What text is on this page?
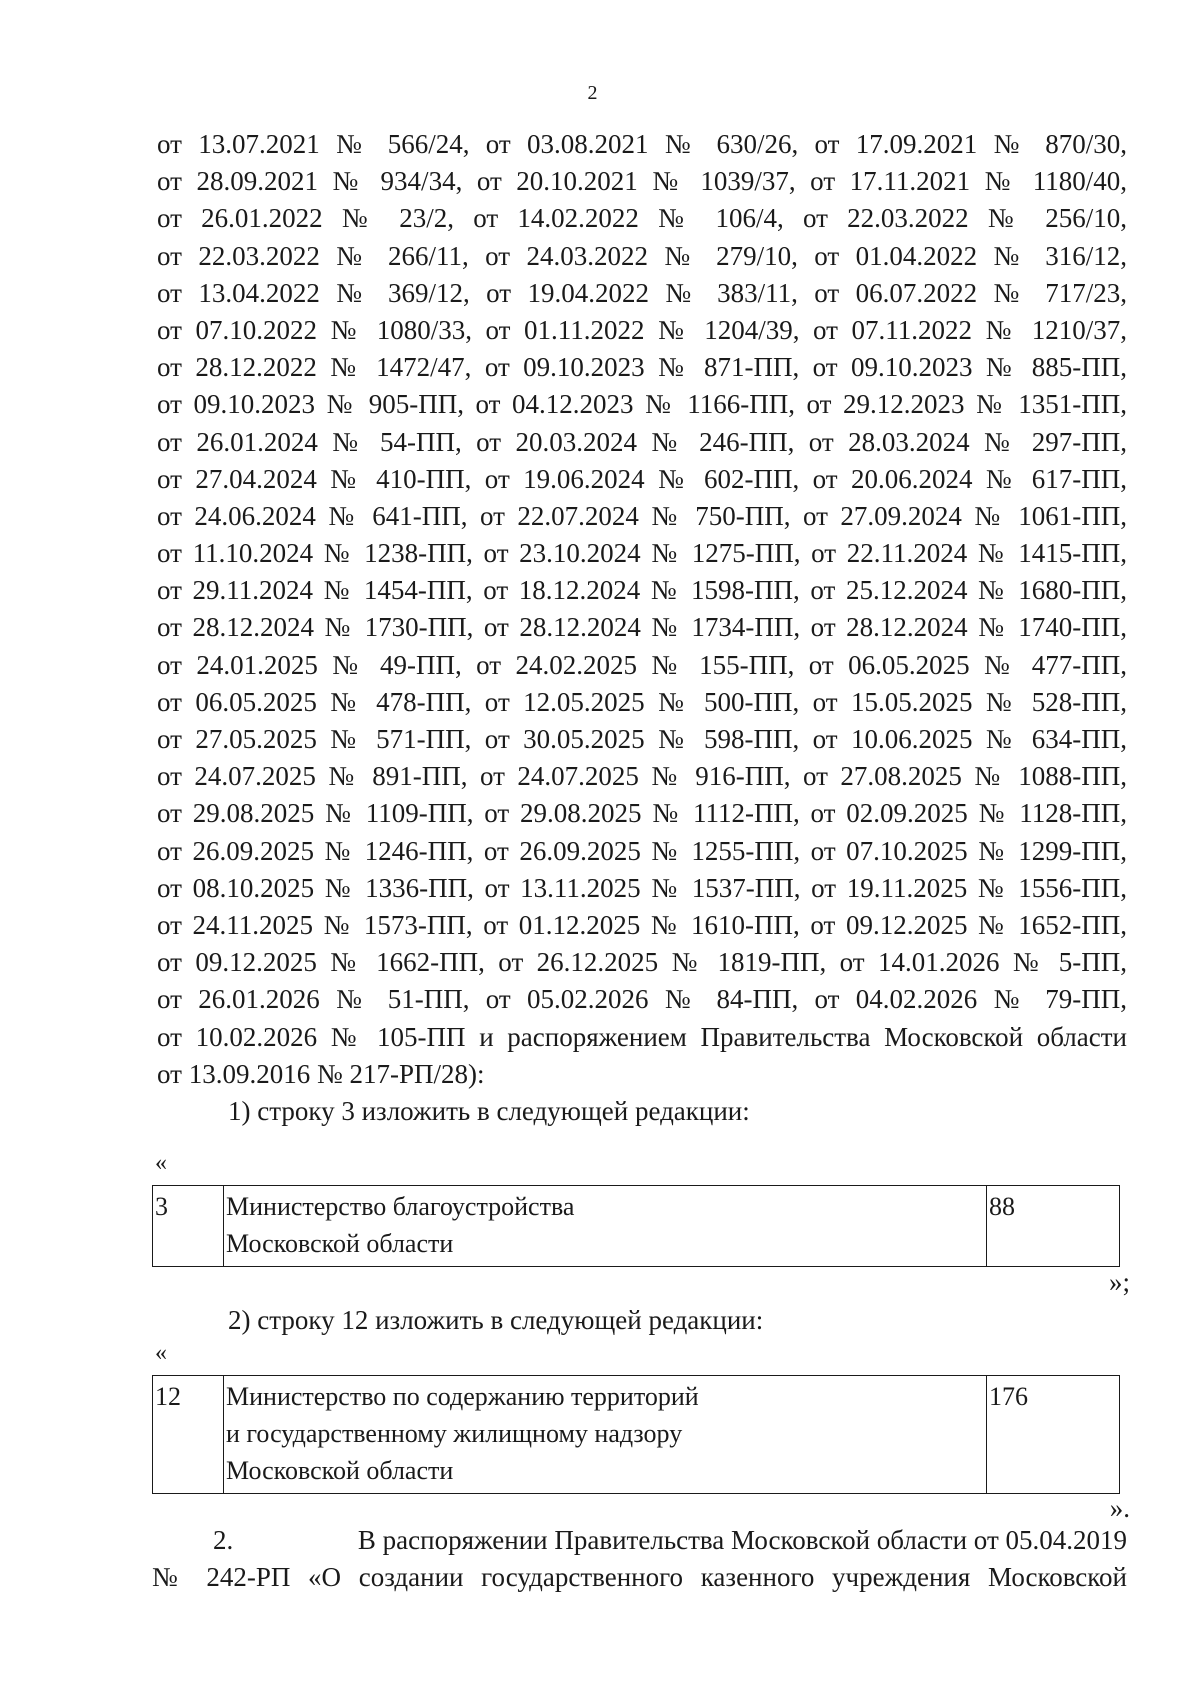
2
от 13.07.2021 № 566/24, от 03.08.2021 № 630/26, от 17.09.2021 № 870/30,
от 28.09.2021 № 934/34, от 20.10.2021 № 1039/37, от 17.11.2021 № 1180/40,
от 26.01.2022 № 23/2, от 14.02.2022 № 106/4, от 22.03.2022 № 256/10,
от 22.03.2022 № 266/11, от 24.03.2022 № 279/10, от 01.04.2022 № 316/12,
от 13.04.2022 № 369/12, от 19.04.2022 № 383/11, от 06.07.2022 № 717/23,
от 07.10.2022 № 1080/33, от 01.11.2022 № 1204/39, от 07.11.2022 № 1210/37,
от 28.12.2022 № 1472/47, от 09.10.2023 № 871-ПП, от 09.10.2023 № 885-ПП,
от 09.10.2023 № 905-ПП, от 04.12.2023 № 1166-ПП, от 29.12.2023 № 1351-ПП,
от 26.01.2024 № 54-ПП, от 20.03.2024 № 246-ПП, от 28.03.2024 № 297-ПП,
от 27.04.2024 № 410-ПП, от 19.06.2024 № 602-ПП, от 20.06.2024 № 617-ПП,
от 24.06.2024 № 641-ПП, от 22.07.2024 № 750-ПП, от 27.09.2024 № 1061-ПП,
от 11.10.2024 № 1238-ПП, от 23.10.2024 № 1275-ПП, от 22.11.2024 № 1415-ПП,
от 29.11.2024 № 1454-ПП, от 18.12.2024 № 1598-ПП, от 25.12.2024 № 1680-ПП,
от 28.12.2024 № 1730-ПП, от 28.12.2024 № 1734-ПП, от 28.12.2024 № 1740-ПП,
от 24.01.2025 № 49-ПП, от 24.02.2025 № 155-ПП, от 06.05.2025 № 477-ПП,
от 06.05.2025 № 478-ПП, от 12.05.2025 № 500-ПП, от 15.05.2025 № 528-ПП,
от 27.05.2025 № 571-ПП, от 30.05.2025 № 598-ПП, от 10.06.2025 № 634-ПП,
от 24.07.2025 № 891-ПП, от 24.07.2025 № 916-ПП, от 27.08.2025 № 1088-ПП,
от 29.08.2025 № 1109-ПП, от 29.08.2025 № 1112-ПП, от 02.09.2025 № 1128-ПП,
от 26.09.2025 № 1246-ПП, от 26.09.2025 № 1255-ПП, от 07.10.2025 № 1299-ПП,
от 08.10.2025 № 1336-ПП, от 13.11.2025 № 1537-ПП, от 19.11.2025 № 1556-ПП,
от 24.11.2025 № 1573-ПП, от 01.12.2025 № 1610-ПП, от 09.12.2025 № 1652-ПП,
от 09.12.2025 № 1662-ПП, от 26.12.2025 № 1819-ПП, от 14.01.2026 № 5-ПП,
от 26.01.2026 № 51-ПП, от 05.02.2026 № 84-ПП, от 04.02.2026 № 79-ПП,
от 10.02.2026 № 105-ПП и распоряжением Правительства Московской области
от 13.09.2016 № 217-РП/28):
1) строку 3 изложить в следующей редакции:
«
3	Министерство благоустройства
Московской области
	88
»;
2) строку 12 изложить в следующей редакции:
«
12	Министерство по содержанию территорий
и государственному жилищному надзору
Московской области
	176
».
2.	В распоряжении Правительства Московской области от 05.04.2019
№ 242-РП «О создании государственного казенного учреждения Московской
